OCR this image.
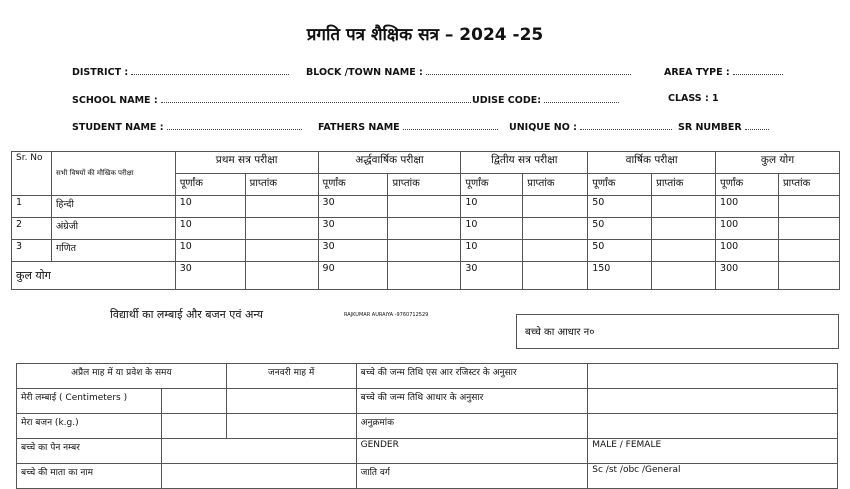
प्रगति पत्र शैक्षिक सत्र – 2024 -25
DISTRICT :	BLOCK /TOWN NAME :	AREA TYPE :
SCHOOL NAME :	UDISE CODE:	CLASS : 1
STUDENT NAME :	FATHERS NAME	UNIQUE NO :	SR NUMBER
Sr. No	सभी विषयों की मौखिक परीक्षा	प्रथम सत्र परीक्षा		अर्द्धवार्षिक परीक्षा		द्वितीय सत्र परीक्षा		वार्षिक परीक्षा		कुल योग	
		पूर्णांक	प्राप्तांक	पूर्णांक	प्राप्तांक	पूर्णांक	प्राप्तांक	पूर्णांक	प्राप्तांक	पूर्णांक	प्राप्तांक
1	हिन्दी	10		30		10		50		100	
2	अंग्रेजी	10		30		10		50		100	
3	गणित	10		30		10		50		100	
कुल योग		30		90		30		150		300	
विद्यार्थी का लम्बाई और बजन एवं अन्य	RAJKUMAR AURAIYA -9760712529
बच्चे का आधार न०
अप्रैल माह में या प्रवेश के समय		जनवरी माह में	बच्चे की जन्म तिथि एस आर रजिस्टर के अनुसार	
मेरी लम्बाई ( Centimeters )			बच्चे की जन्म तिथि आधार के अनुसार	
मेरा बजन (k.g.)			अनुक्रमांक	
बच्चे का पेन नम्बर			GENDER	MALE / FEMALE
बच्चे की माता का नाम			जाति वर्ग	Sc /st /obc /General
